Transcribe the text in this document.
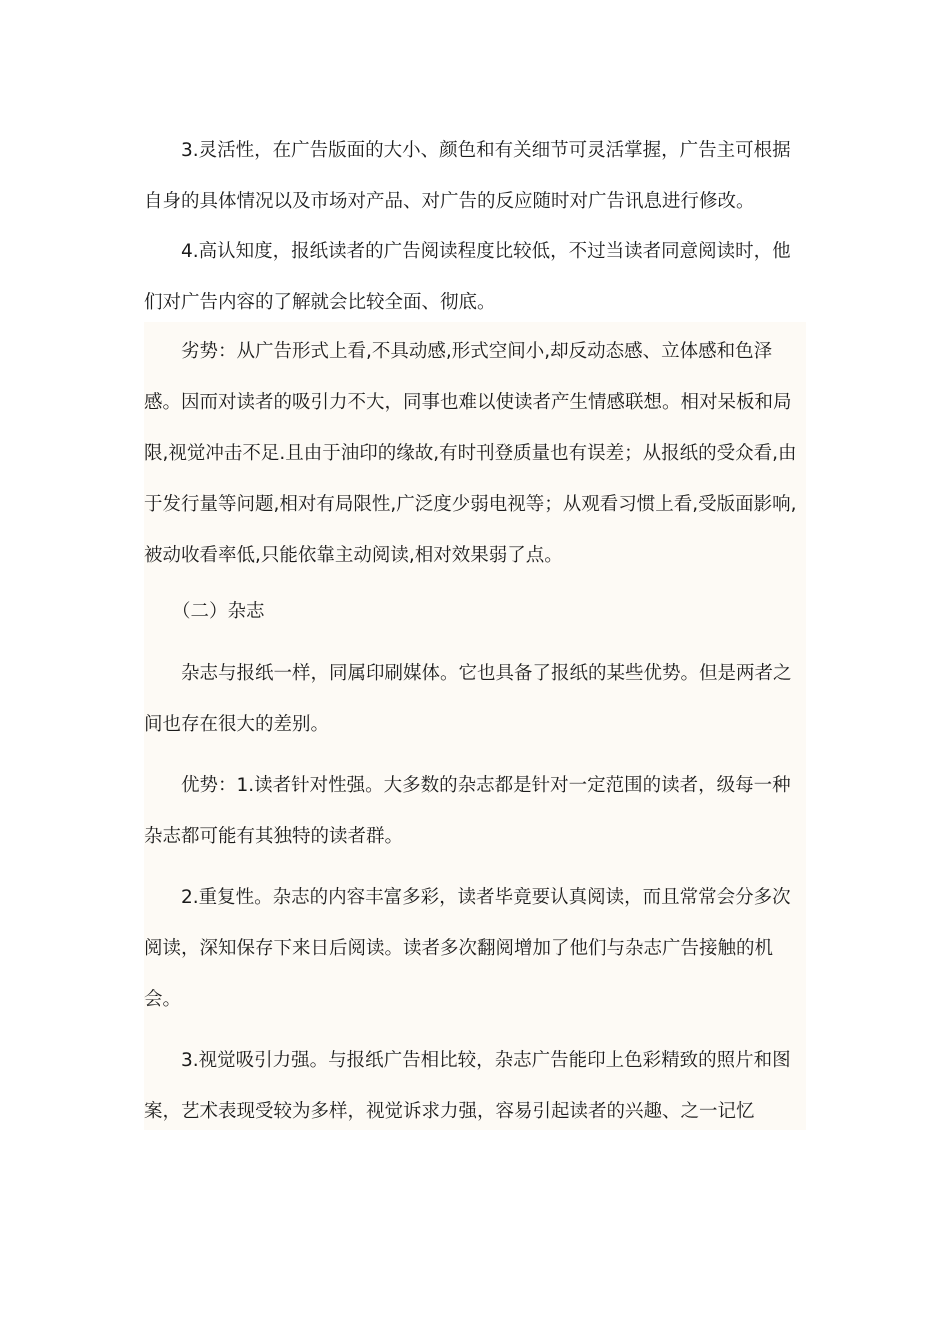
3.灵活性，在广告版面的大小、颜色和有关细节可灵活掌握，广告主可根据自身的具体情况以及市场对产品、对广告的反应随时对广告讯息进行修改。

4.高认知度，报纸读者的广告阅读程度比较低，不过当读者同意阅读时，他们对广告内容的了解就会比较全面、彻底。

劣势：从广告形式上看,不具动感,形式空间小,却反动态感、立体感和色泽感。因而对读者的吸引力不大，同事也难以使读者产生情感联想。相对呆板和局限,视觉冲击不足.且由于油印的缘故,有时刊登质量也有误差；从报纸的受众看,由于发行量等问题,相对有局限性,广泛度少弱电视等；从观看习惯上看,受版面影响,被动收看率低,只能依靠主动阅读,相对效果弱了点。

（二）杂志

杂志与报纸一样，同属印刷媒体。它也具备了报纸的某些优势。但是两者之间也存在很大的差别。

优势：1.读者针对性强。大多数的杂志都是针对一定范围的读者，级每一种杂志都可能有其独特的读者群。

2.重复性。杂志的内容丰富多彩，读者毕竟要认真阅读，而且常常会分多次阅读，深知保存下来日后阅读。读者多次翻阅增加了他们与杂志广告接触的机会。

3.视觉吸引力强。与报纸广告相比较，杂志广告能印上色彩精致的照片和图案，艺术表现受较为多样，视觉诉求力强，容易引起读者的兴趣、之一记忆
